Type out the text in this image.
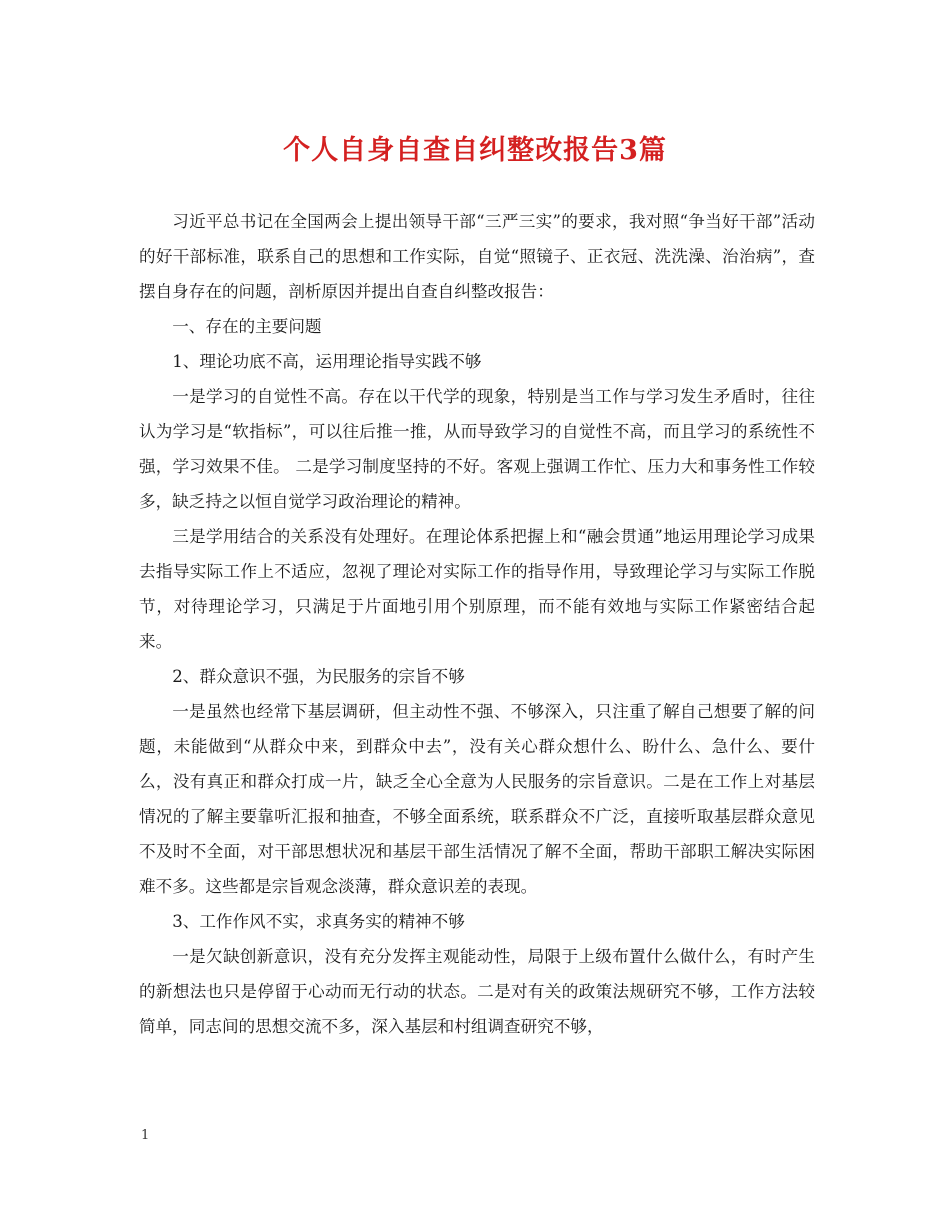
个人自身自查自纠整改报告3篇

习近平总书记在全国两会上提出领导干部“三严三实”的要求，我对照“争当好干部”活动的好干部标准，联系自己的思想和工作实际，自觉“照镜子、正衣冠、洗洗澡、治治病”，查摆自身存在的问题，剖析原因并提出自查自纠整改报告：

一、存在的主要问题

1、理论功底不高，运用理论指导实践不够

一是学习的自觉性不高。存在以干代学的现象，特别是当工作与学习发生矛盾时，往往认为学习是“软指标”，可以往后推一推，从而导致学习的自觉性不高，而且学习的系统性不强，学习效果不佳。 二是学习制度坚持的不好。客观上强调工作忙、压力大和事务性工作较多，缺乏持之以恒自觉学习政治理论的精神。

三是学用结合的关系没有处理好。在理论体系把握上和“融会贯通”地运用理论学习成果去指导实际工作上不适应，忽视了理论对实际工作的指导作用，导致理论学习与实际工作脱节，对待理论学习，只满足于片面地引用个别原理，而不能有效地与实际工作紧密结合起来。

2、群众意识不强，为民服务的宗旨不够

一是虽然也经常下基层调研，但主动性不强、不够深入，只注重了解自己想要了解的问题，未能做到“从群众中来，到群众中去”，没有关心群众想什么、盼什么、急什么、要什么，没有真正和群众打成一片，缺乏全心全意为人民服务的宗旨意识。二是在工作上对基层情况的了解主要靠听汇报和抽查，不够全面系统，联系群众不广泛，直接听取基层群众意见不及时不全面，对干部思想状况和基层干部生活情况了解不全面，帮助干部职工解决实际困难不多。这些都是宗旨观念淡薄，群众意识差的表现。

3、工作作风不实，求真务实的精神不够

一是欠缺创新意识，没有充分发挥主观能动性，局限于上级布置什么做什么，有时产生的新想法也只是停留于心动而无行动的状态。二是对有关的政策法规研究不够，工作方法较简单，同志间的思想交流不多，深入基层和村组调查研究不够，

1
